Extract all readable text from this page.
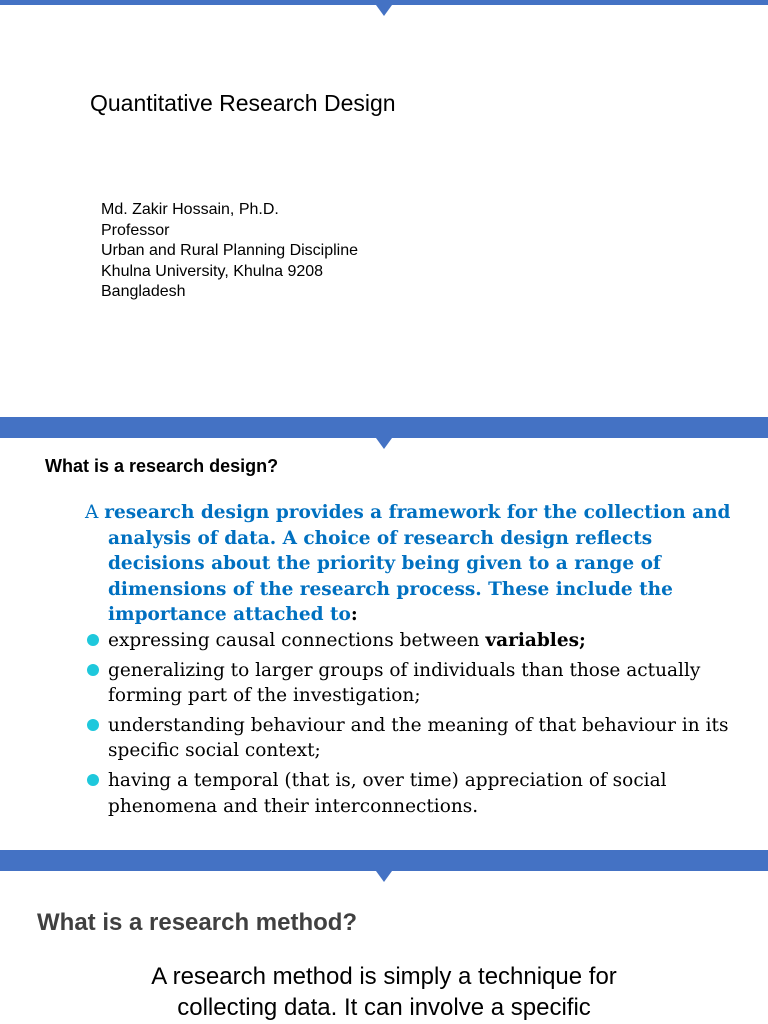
Quantitative Research Design
Md. Zakir Hossain, Ph.D.
Professor
Urban and Rural Planning Discipline
Khulna University, Khulna 9208
Bangladesh
What is a research design?

A research design provides a framework for the collection and analysis of data. A choice of research design reflects decisions about the priority being given to a range of dimensions of the research process. These include the importance attached to:

expressing causal connections between variables;
generalizing to larger groups of individuals than those actually forming part of the investigation;
understanding behaviour and the meaning of that behaviour in its specific social context;
having a temporal (that is, over time) appreciation of social phenomena and their interconnections.
What is a research method?
A research method is simply a technique for
collecting data. It can involve a specific
